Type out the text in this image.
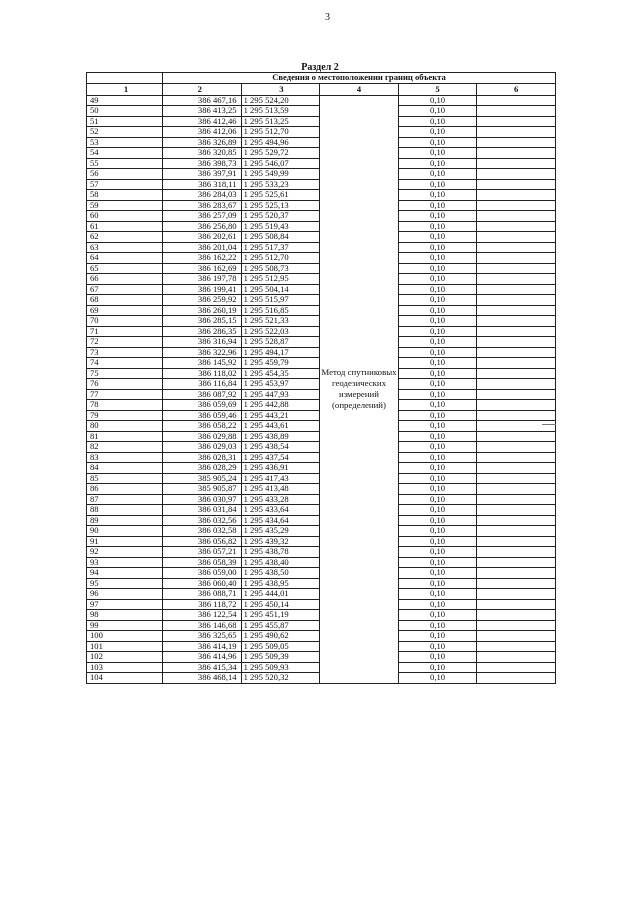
3
Раздел 2
	Сведения о местоположении границ объекта				
1	2	3	4	5	6
49	386 467,16	1 295 524,20	Метод спутниковых геодезических измерений (определений)	0,10	
50	386 413,25	1 295 513,59		0,10	
51	386 412,46	1 295 513,25		0,10	
52	386 412,06	1 295 512,70		0,10	
53	386 326,89	1 295 494,96		0,10	
54	386 320,85	1 295 529,72		0,10	
55	386 398,73	1 295 546,07		0,10	
56	386 397,91	1 295 549,99		0,10	
57	386 318,11	1 295 533,23		0,10	
58	386 284,03	1 295 525,61		0,10	
59	386 283,67	1 295 525,13		0,10	
60	386 257,09	1 295 520,37		0,10	
61	386 256,80	1 295 519,43		0,10	
62	386 202,61	1 295 508,84		0,10	
63	386 201,04	1 295 517,37		0,10	
64	386 162,22	1 295 512,70		0,10	
65	386 162,69	1 295 508,73		0,10	
66	386 197,78	1 295 512,95		0,10	
67	386 199,41	1 295 504,14		0,10	
68	386 259,92	1 295 515,97		0,10	
69	386 260,19	1 295 516,85		0,10	
70	386 285,15	1 295 521,33		0,10	
71	386 286,35	1 295 522,03		0,10	
72	386 316,94	1 295 528,87		0,10	
73	386 322,96	1 295 494,17		0,10	
74	386 145,92	1 295 459,79		0,10	
75	386 118,02	1 295 454,35		0,10	
76	386 116,84	1 295 453,97		0,10	
77	386 087,92	1 295 447,93		0,10	
78	386 059,69	1 295 442,88		0,10	
79	386 059,46	1 295 443,21		0,10	
80	386 058,22	1 295 443,61		0,10	
81	386 029,88	1 295 438,89		0,10	
82	386 029,03	1 295 438,54		0,10	
83	386 028,31	1 295 437,54		0,10	
84	386 028,29	1 295 436,91		0,10	
85	385 905,24	1 295 417,43		0,10	
86	385 905,87	1 295 413,48		0,10	
87	386 030,97	1 295 433,28		0,10	
88	386 031,84	1 295 433,64		0,10	
89	386 032,56	1 295 434,64		0,10	
90	386 032,58	1 295 435,29		0,10	
91	386 056,82	1 295 439,32		0,10	
92	386 057,21	1 295 438,78		0,10	
93	386 058,39	1 295 438,40		0,10	
94	386 059,00	1 295 438,50		0,10	
95	386 060,40	1 295 438,95		0,10	
96	386 088,71	1 295 444,01		0,10	
97	386 118,72	1 295 450,14		0,10	
98	386 122,54	1 295 451,19		0,10	
99	386 146,68	1 295 455,87		0,10	
100	386 325,65	1 295 490,62		0,10	
101	386 414,19	1 295 509,05		0,10	
102	386 414,96	1 295 509,39		0,10	
103	386 415,34	1 295 509,93		0,10	
104	386 468,14	1 295 520,32		0,10	
